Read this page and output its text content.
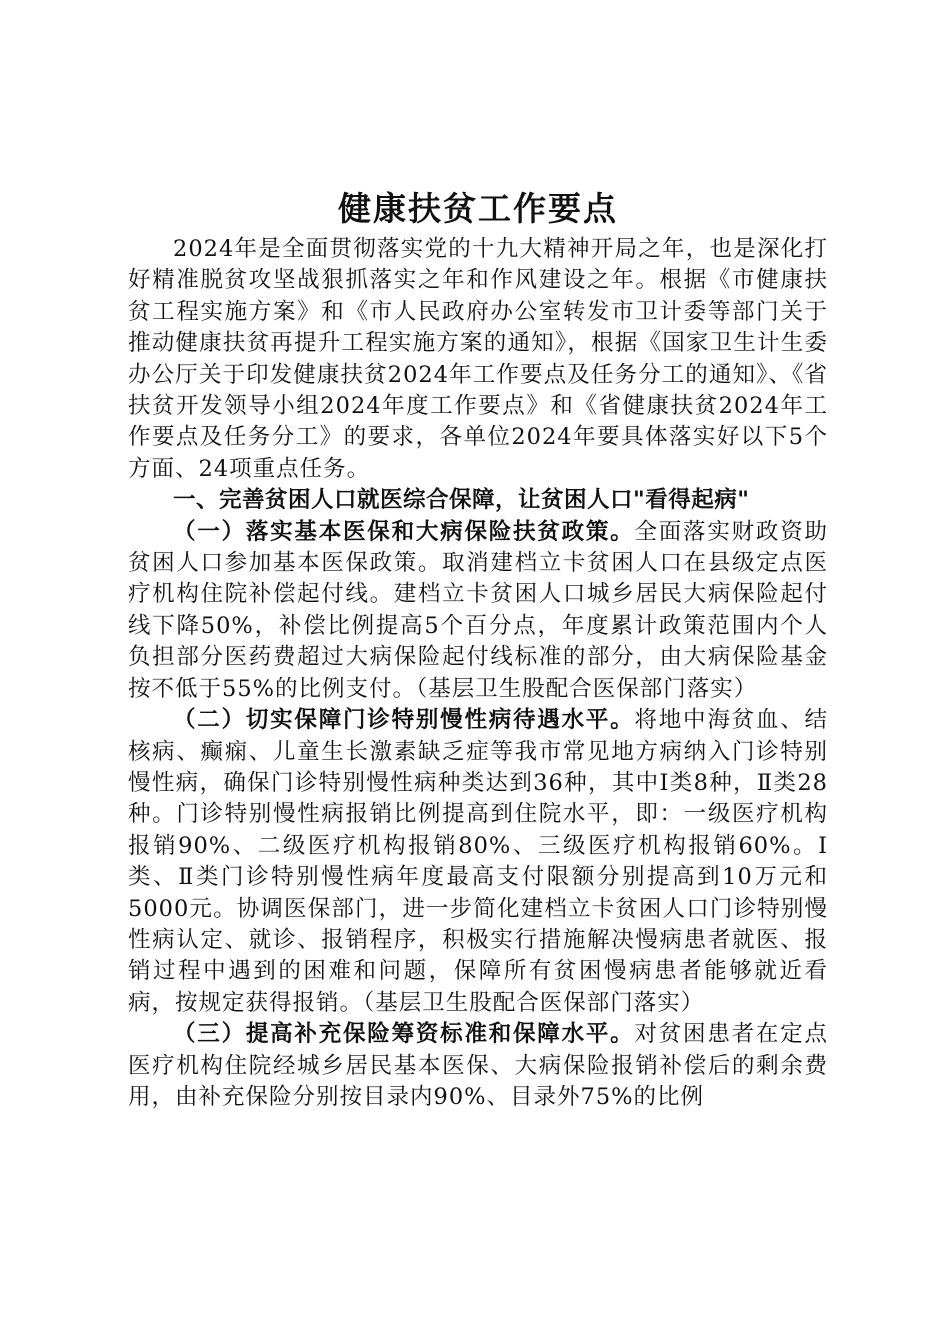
健康扶贫工作要点

2024年是全面贯彻落实党的十九大精神开局之年，也是深化打好精准脱贫攻坚战狠抓落实之年和作风建设之年。根据《市健康扶贫工程实施方案》和《市人民政府办公室转发市卫计委等部门关于推动健康扶贫再提升工程实施方案的通知》，根据《国家卫生计生委办公厅关于印发健康扶贫2024年工作要点及任务分工的通知》、《省扶贫开发领导小组2024年度工作要点》和《省健康扶贫2024年工作要点及任务分工》的要求，各单位2024年要具体落实好以下5个方面、24项重点任务。

一、完善贫困人口就医综合保障，让贫困人口"看得起病"

（一）落实基本医保和大病保险扶贫政策。全面落实财政资助贫困人口参加基本医保政策。取消建档立卡贫困人口在县级定点医疗机构住院补偿起付线。建档立卡贫困人口城乡居民大病保险起付线下降50%，补偿比例提高5个百分点，年度累计政策范围内个人负担部分医药费超过大病保险起付线标准的部分，由大病保险基金按不低于55%的比例支付。（基层卫生股配合医保部门落实）

（二）切实保障门诊特别慢性病待遇水平。将地中海贫血、结核病、癫痫、儿童生长激素缺乏症等我市常见地方病纳入门诊特别慢性病，确保门诊特别慢性病种类达到36种，其中Ⅰ类8种，Ⅱ类28种。门诊特别慢性病报销比例提高到住院水平，即：一级医疗机构报销90%、二级医疗机构报销80%、三级医疗机构报销60%。Ⅰ类、Ⅱ类门诊特别慢性病年度最高支付限额分别提高到10万元和5000元。协调医保部门，进一步简化建档立卡贫困人口门诊特别慢性病认定、就诊、报销程序，积极实行措施解决慢病患者就医、报销过程中遇到的困难和问题，保障所有贫困慢病患者能够就近看病，按规定获得报销。（基层卫生股配合医保部门落实）

（三）提高补充保险筹资标准和保障水平。对贫困患者在定点医疗机构住院经城乡居民基本医保、大病保险报销补偿后的剩余费用，由补充保险分别按目录内90%、目录外75%的比例
